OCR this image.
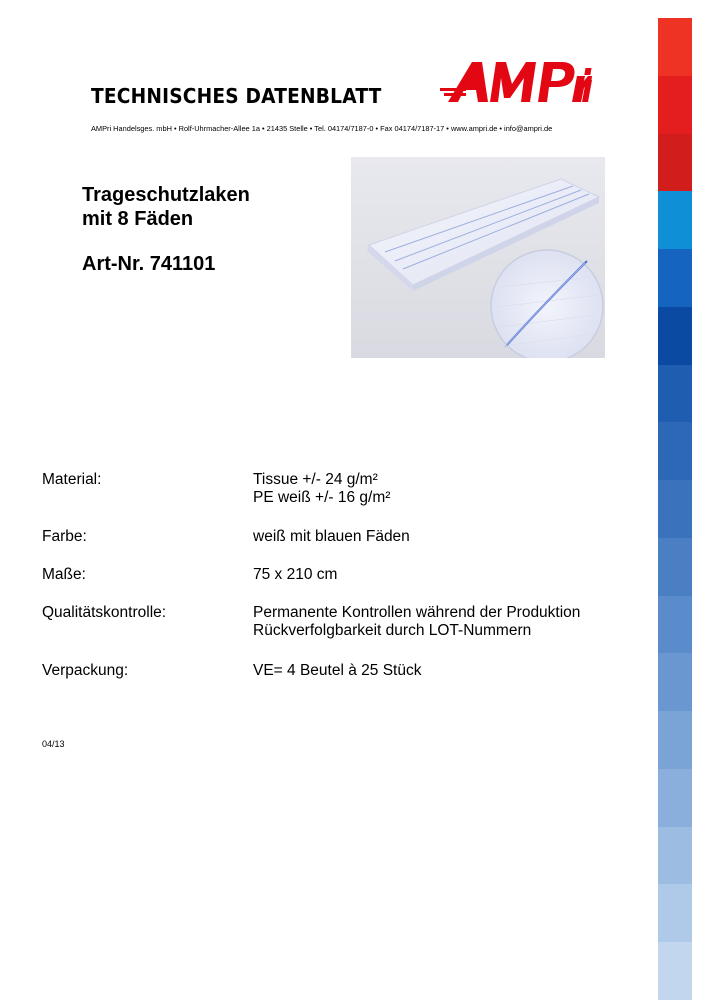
TECHNISCHES DATENBLATT
AMPri
AMPri Handelsges. mbH • Rolf-Uhrmacher-Allee 1a • 21435 Stelle • Tel. 04174/7187-0 • Fax 04174/7187-17 • www.ampri.de • info@ampri.de
Trageschutzlaken
mit 8 Fäden
Art-Nr. 741101
Material:	Tissue +/- 24 g/m²
PE weiß +/- 16 g/m²
Farbe:	weiß mit blauen Fäden
Maße:	75 x 210 cm
Qualitätskontrolle:	Permanente Kontrollen während der Produktion
Rückverfolgbarkeit durch LOT-Nummern
Verpackung:	VE= 4 Beutel à 25 Stück
04/13
